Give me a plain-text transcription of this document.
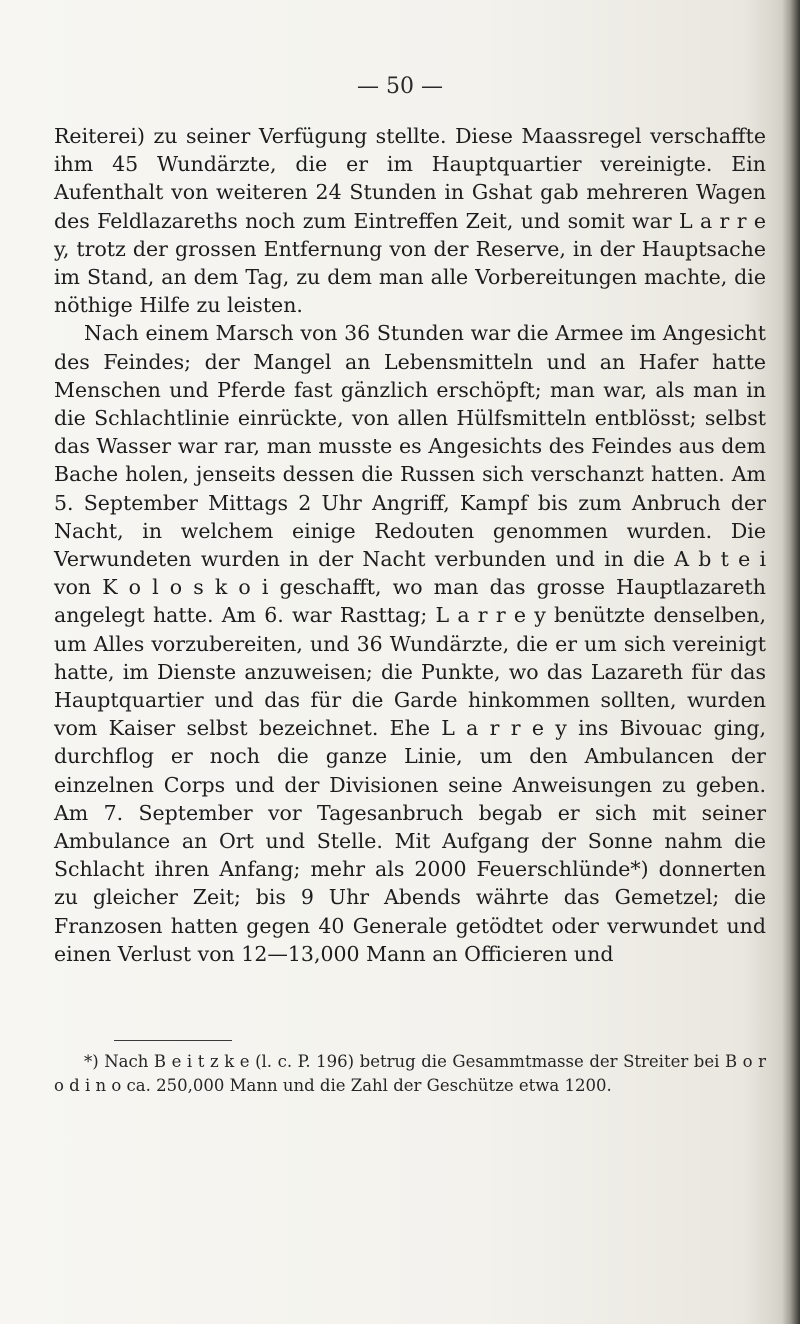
— 50 —

Reiterei) zu seiner Verfügung stellte. Diese Maassregel verschaffte ihm 45 Wundärzte, die er im Hauptquartier vereinigte. Ein Aufenthalt von weiteren 24 Stunden in Gshat gab mehreren Wagen des Feldlazareths noch zum Eintreffen Zeit, und somit war L a r r e y, trotz der grossen Entfernung von der Reserve, in der Hauptsache im Stand, an dem Tag, zu dem man alle Vorbereitungen machte, die nöthige Hilfe zu leisten.
Nach einem Marsch von 36 Stunden war die Armee im Angesicht des Feindes; der Mangel an Lebensmitteln und an Hafer hatte Menschen und Pferde fast gänzlich erschöpft; man war, als man in die Schlachtlinie einrückte, von allen Hülfsmitteln entblösst; selbst das Wasser war rar, man musste es Angesichts des Feindes aus dem Bache holen, jenseits dessen die Russen sich verschanzt hatten. Am 5. September Mittags 2 Uhr Angriff, Kampf bis zum Anbruch der Nacht, in welchem einige Redouten genommen wurden. Die Verwundeten wurden in der Nacht verbunden und in die A b t e i von K o l o s k o i geschafft, wo man das grosse Hauptlazareth angelegt hatte. Am 6. war Rasttag; L a r r e y benützte denselben, um Alles vorzubereiten, und 36 Wundärzte, die er um sich vereinigt hatte, im Dienste anzuweisen; die Punkte, wo das Lazareth für das Hauptquartier und das für die Garde hinkommen sollten, wurden vom Kaiser selbst bezeichnet. Ehe L a r r e y ins Bivouac ging, durchflog er noch die ganze Linie, um den Ambulancen der einzelnen Corps und der Divisionen seine Anweisungen zu geben. Am 7. September vor Tagesanbruch begab er sich mit seiner Ambulance an Ort und Stelle. Mit Aufgang der Sonne nahm die Schlacht ihren Anfang; mehr als 2000 Feuerschlünde*) donnerten zu gleicher Zeit; bis 9 Uhr Abends währte das Gemetzel; die Franzosen hatten gegen 40 Generale getödtet oder verwundet und einen Verlust von 12—13,000 Mann an Officieren und

*) Nach B e i t z k e (l. c. P. 196) betrug die Gesammtmasse der Streiter bei B o r o d i n o ca. 250,000 Mann und die Zahl der Geschütze etwa 1200.
